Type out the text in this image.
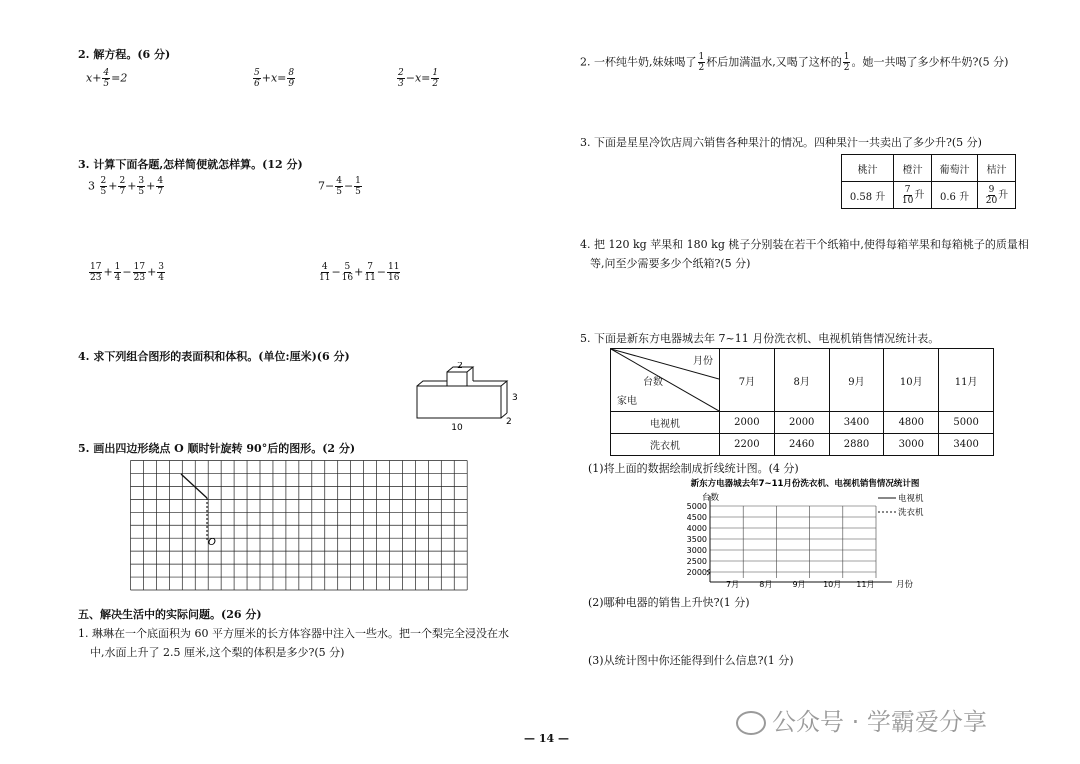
2. 解方程。(6 分)
$x+ \frac{4}{5} =2$	$\frac{5}{6} +x= \frac{8}{9}$	$\frac{2}{3} -x= \frac{1}{2}$
3. 计算下面各题,怎样简便就怎样算。(12 分)
$3 \frac{2}{5} + \frac{2}{7} + \frac{3}{5} + \frac{4}{7}$	$7- \frac{4}{5} - \frac{1}{5}$
$\frac{17}{23} + \frac{1}{4} - \frac{17}{23} + \frac{3}{4}$	$\frac{4}{11} - \frac{5}{16} + \frac{7}{11} - \frac{11}{16}$
4. 求下列组合图形的表面积和体积。(单位:厘米)(6 分)
2
10
3
2
5. 画出四边形绕点 O 顺时针旋转 90°后的图形。(2 分)
O
五、解决生活中的实际问题。(26 分)
1. 琳琳在一个底面积为 60 平方厘米的长方体容器中注入一些水。把一个梨完全浸没在水
中,水面上升了 2.5 厘米,这个梨的体积是多少?(5 分)
2. 一杯纯牛奶,妹妹喝了 $\frac{1}{2}$ 杯后加满温水,又喝了这杯的 $\frac{1}{2}$ 。她一共喝了多少杯牛奶?(5 分)
3. 下面是星星冷饮店周六销售各种果汁的情况。四种果汁一共卖出了多少升?(5 分)
桃汁	橙汁	葡萄汁	桔汁
0.58 升	$\frac{7}{10}$ 升	0.6 升	$\frac{9}{20}$ 升
4. 把 120 kg 苹果和 180 kg 桃子分别装在若干个纸箱中,使得每箱苹果和每箱桃子的质量相
等,问至少需要多少个纸箱?(5 分)
5. 下面是新东方电器城去年 7~11 月份洗衣机、电视机销售情况统计表。
月份
台数
家电	7月	8月	9月	10月	11月
电视机	2000	2000	3400	4800	5000
洗衣机	2200	2460	2880	3000	3400
(1)将上面的数据绘制成折线统计图。(4 分)
新东方电器城去年7~11月份洗衣机、电视机销售情况统计图
台数
5000
4500
4000
3500
3000
2500
2000
7月	8月	9月 10月 11月	月份
电视机
洗衣机
(2)哪种电器的销售上升快?(1 分)
(3)从统计图中你还能得到什么信息?(1 分)
— 14 —
公众号 · 学霸爱分享
